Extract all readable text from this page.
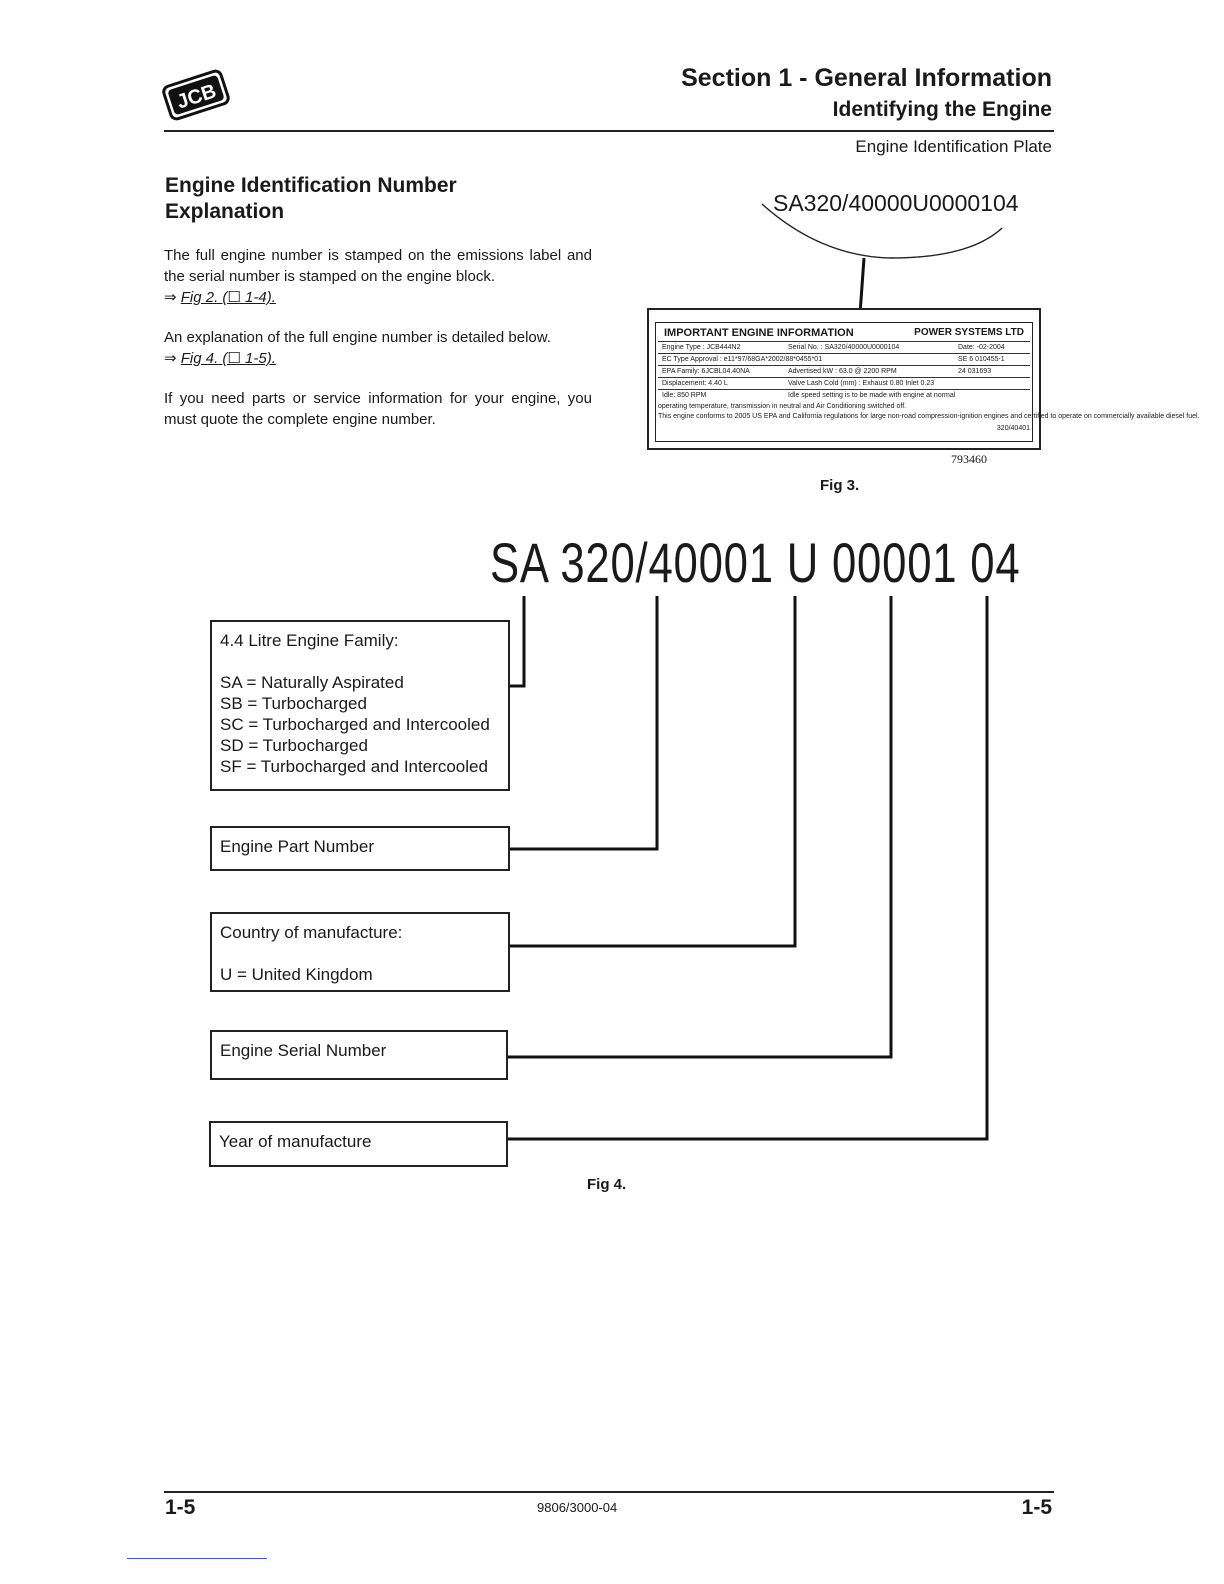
JCB
Section 1 - General Information
Identifying the Engine
Engine Identification Plate
Engine Identification Number
Explanation
The full engine number is stamped on the emissions label and the serial number is stamped on the engine block.
⇒ Fig 2. (☐ 1-4).
An explanation of the full engine number is detailed below.
⇒ Fig 4. (☐ 1-5).
If you need parts or service information for your engine, you must quote the complete engine number.
SA320/40000U0000104
IMPORTANT ENGINE INFORMATION	POWER SYSTEMS LTD
Engine Type : JCB444N2	Serial No. : SA320/40000U0000104	Date: -02-2004
EC Type Approval : e11*97/68GA*2002/88*0455*01	SE 6 010455-1
EPA Family: 6JCBL04.40NA	Advertised kW : 63.0 @ 2200 RPM	24 031693
Displacement: 4.40 L	Valve Lash Cold (mm) : Exhaust 0.80 Inlet 0.23
Idle: 850 RPM	Idle speed setting is to be made with engine at normal
operating temperature, transmission in neutral and Air Conditioning switched off.
This engine conforms to 2005 US EPA and California regulations for large non-road compression-ignition engines and certified to operate on commercially available diesel fuel.
320/40401
793460
Fig 3.
SA 320/40001 U 00001 04
4.4 Litre Engine Family:
SA = Naturally Aspirated
SB = Turbocharged
SC = Turbocharged and Intercooled
SD = Turbocharged
SF = Turbocharged and Intercooled
Engine Part Number
Country of manufacture:
U = United Kingdom
Engine Serial Number
Year of manufacture
Fig 4.
1-5	9806/3000-04	1-5
